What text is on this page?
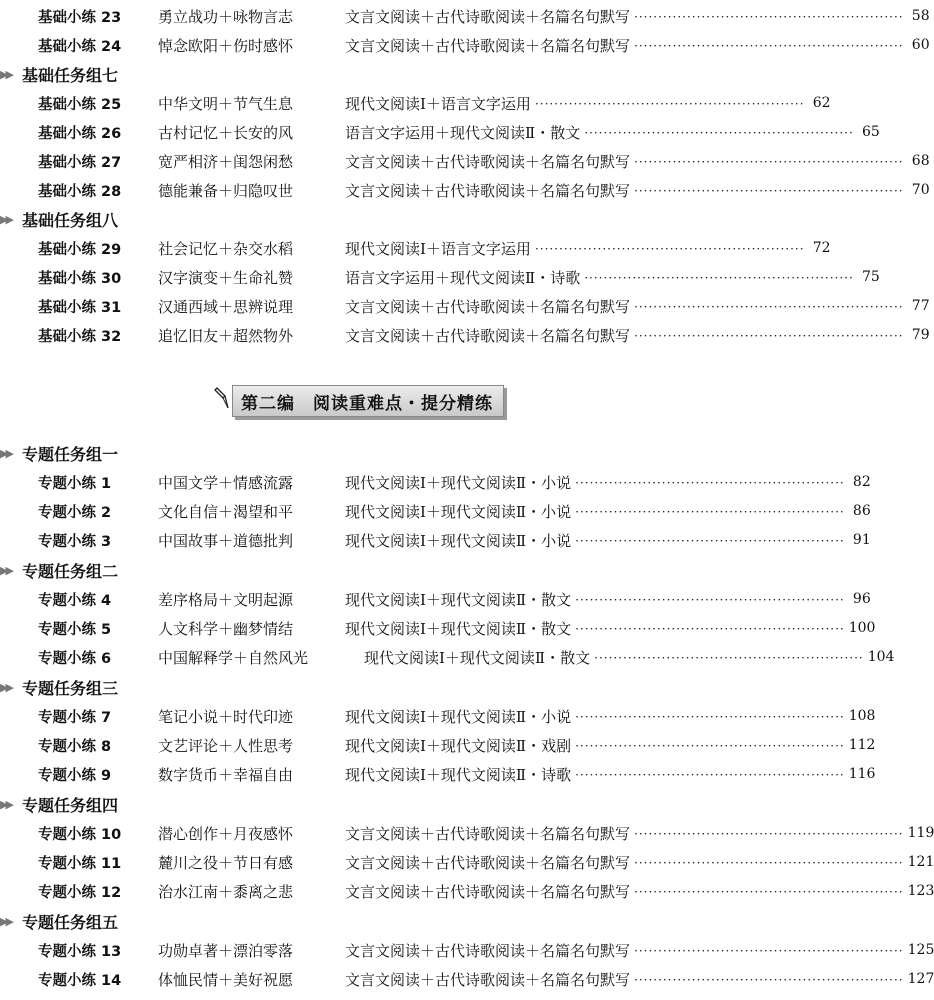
基础小练 23	勇立战功＋咏物言志	文言文阅读＋古代诗歌阅读＋名篇名句默写 ························································ 58
基础小练 24	悼念欧阳＋伤时感怀	文言文阅读＋古代诗歌阅读＋名篇名句默写 ························································ 60
▶▶ 基础任务组七
基础小练 25	中华文明＋节气生息	现代文阅读Ⅰ＋语言文字运用 ························································ 62
基础小练 26	古村记忆＋长安的风	语言文字运用＋现代文阅读Ⅱ・散文 ························································ 65
基础小练 27	宽严相济＋闺怨闲愁	文言文阅读＋古代诗歌阅读＋名篇名句默写 ························································ 68
基础小练 28	德能兼备＋归隐叹世	文言文阅读＋古代诗歌阅读＋名篇名句默写 ························································ 70
▶▶ 基础任务组八
基础小练 29	社会记忆＋杂交水稻	现代文阅读Ⅰ＋语言文字运用 ························································ 72
基础小练 30	汉字演变＋生命礼赞	语言文字运用＋现代文阅读Ⅱ・诗歌 ························································ 75
基础小练 31	汉通西域＋思辨说理	文言文阅读＋古代诗歌阅读＋名篇名句默写 ························································ 77
基础小练 32	追忆旧友＋超然物外	文言文阅读＋古代诗歌阅读＋名篇名句默写 ························································ 79
第二编 阅读重难点・提分精练
▶▶ 专题任务组一
专题小练 1	中国文学＋情感流露	现代文阅读Ⅰ＋现代文阅读Ⅱ・小说 ························································ 82
专题小练 2	文化自信＋渴望和平	现代文阅读Ⅰ＋现代文阅读Ⅱ・小说 ························································ 86
专题小练 3	中国故事＋道德批判	现代文阅读Ⅰ＋现代文阅读Ⅱ・小说 ························································ 91
▶▶ 专题任务组二
专题小练 4	差序格局＋文明起源	现代文阅读Ⅰ＋现代文阅读Ⅱ・散文 ························································ 96
专题小练 5	人文科学＋幽梦情结	现代文阅读Ⅰ＋现代文阅读Ⅱ・散文 ························································ 100
专题小练 6	中国解释学＋自然风光	现代文阅读Ⅰ＋现代文阅读Ⅱ・散文 ························································ 104
▶▶ 专题任务组三
专题小练 7	笔记小说＋时代印迹	现代文阅读Ⅰ＋现代文阅读Ⅱ・小说 ························································ 108
专题小练 8	文艺评论＋人性思考	现代文阅读Ⅰ＋现代文阅读Ⅱ・戏剧 ························································ 112
专题小练 9	数字货币＋幸福自由	现代文阅读Ⅰ＋现代文阅读Ⅱ・诗歌 ························································ 116
▶▶ 专题任务组四
专题小练 10	潜心创作＋月夜感怀	文言文阅读＋古代诗歌阅读＋名篇名句默写 ························································ 119
专题小练 11	麓川之役＋节日有感	文言文阅读＋古代诗歌阅读＋名篇名句默写 ························································ 121
专题小练 12	治水江南＋黍离之悲	文言文阅读＋古代诗歌阅读＋名篇名句默写 ························································ 123
▶▶ 专题任务组五
专题小练 13	功勋卓著＋漂泊零落	文言文阅读＋古代诗歌阅读＋名篇名句默写 ························································ 125
专题小练 14	体恤民情＋美好祝愿	文言文阅读＋古代诗歌阅读＋名篇名句默写 ························································ 127
